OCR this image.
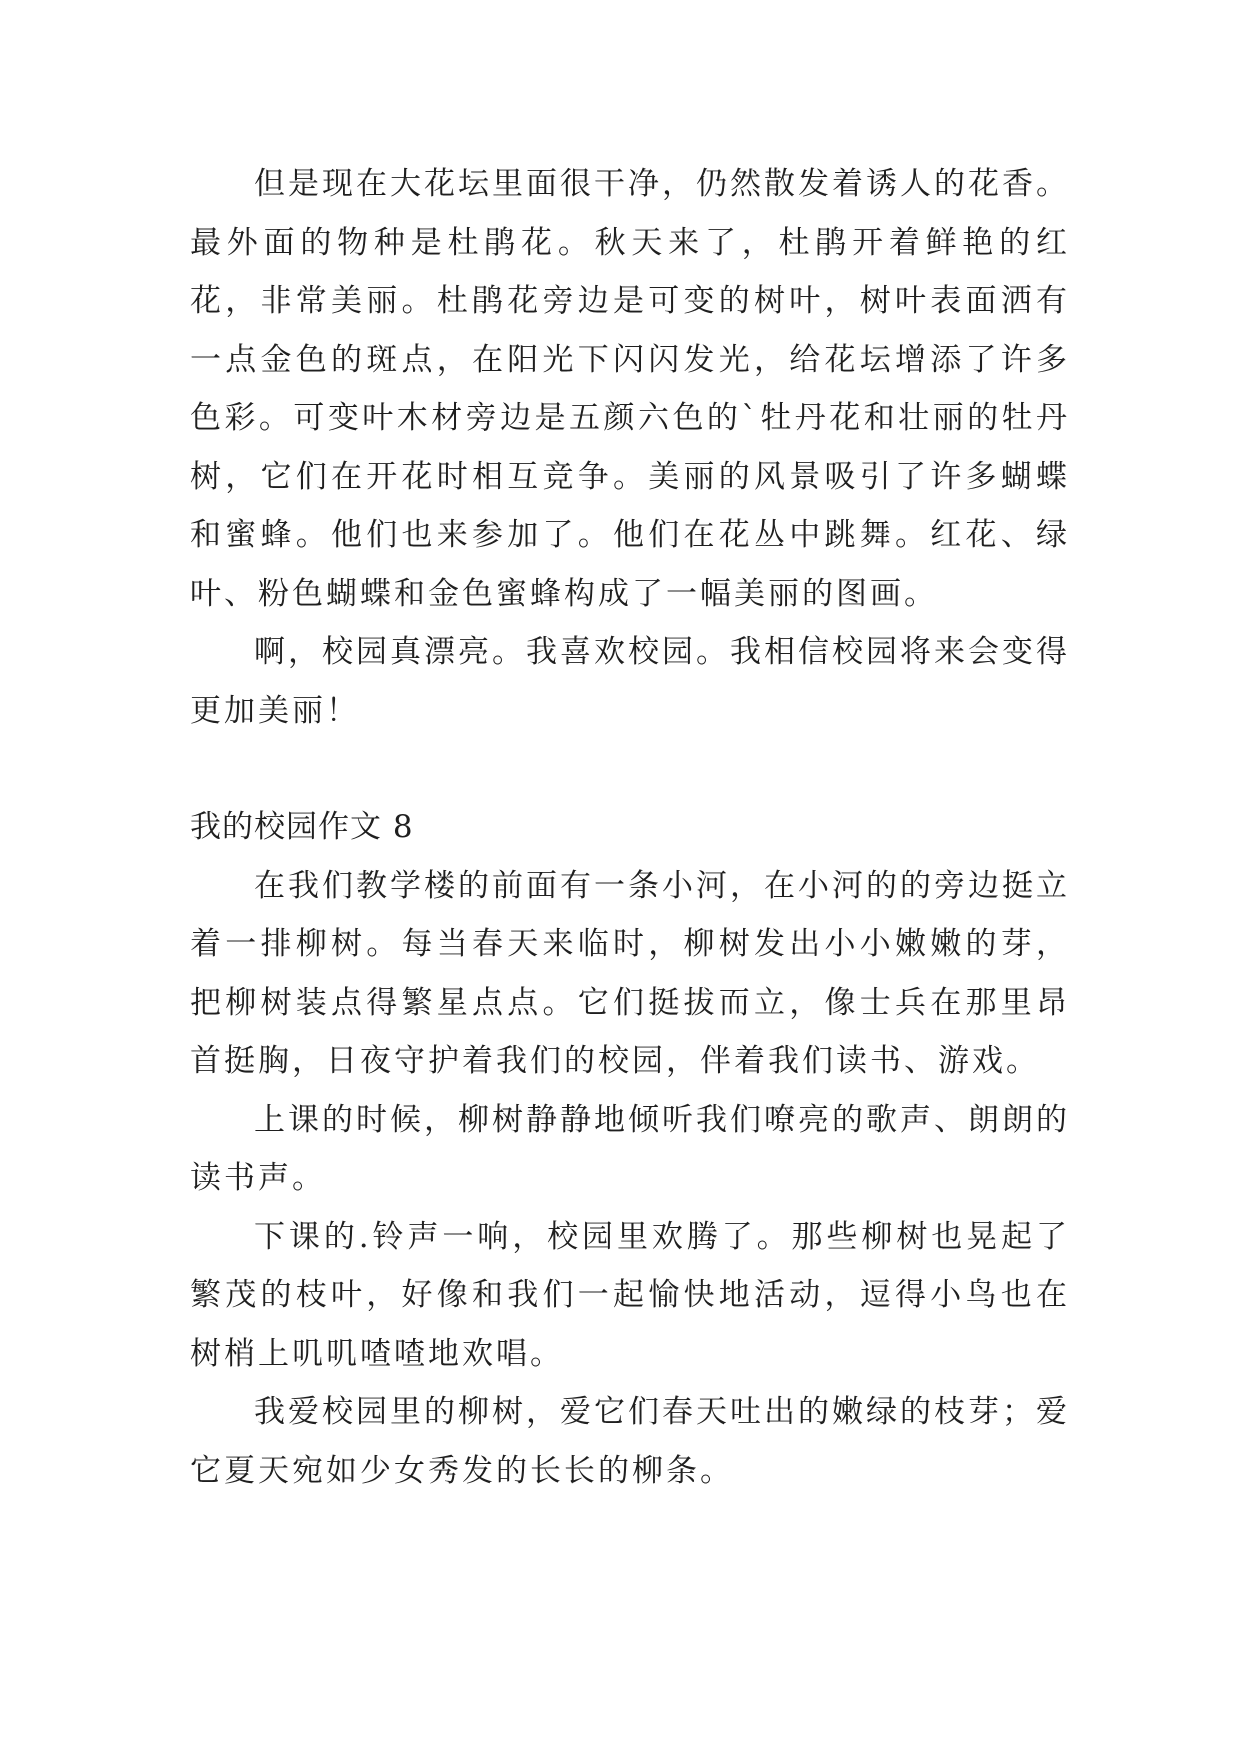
但是现在大花坛里面很干净，仍然散发着诱人的花香。最外面的物种是杜鹃花。秋天来了，杜鹃开着鲜艳的红花，非常美丽。杜鹃花旁边是可变的树叶，树叶表面洒有一点金色的斑点，在阳光下闪闪发光，给花坛增添了许多色彩。可变叶木材旁边是五颜六色的`牡丹花和壮丽的牡丹树，它们在开花时相互竞争。美丽的风景吸引了许多蝴蝶和蜜蜂。他们也来参加了。他们在花丛中跳舞。红花、绿叶、粉色蝴蝶和金色蜜蜂构成了一幅美丽的图画。

啊，校园真漂亮。我喜欢校园。我相信校园将来会变得更加美丽！

我的校园作文 8

在我们教学楼的前面有一条小河，在小河的的旁边挺立着一排柳树。每当春天来临时，柳树发出小小嫩嫩的芽，把柳树装点得繁星点点。它们挺拔而立，像士兵在那里昂首挺胸，日夜守护着我们的校园，伴着我们读书、游戏。

上课的时候，柳树静静地倾听我们嘹亮的歌声、朗朗的读书声。

下课的.铃声一响，校园里欢腾了。那些柳树也晃起了繁茂的枝叶，好像和我们一起愉快地活动，逗得小鸟也在树梢上叽叽喳喳地欢唱。

我爱校园里的柳树，爱它们春天吐出的嫩绿的枝芽；爱它夏天宛如少女秀发的长长的柳条。
